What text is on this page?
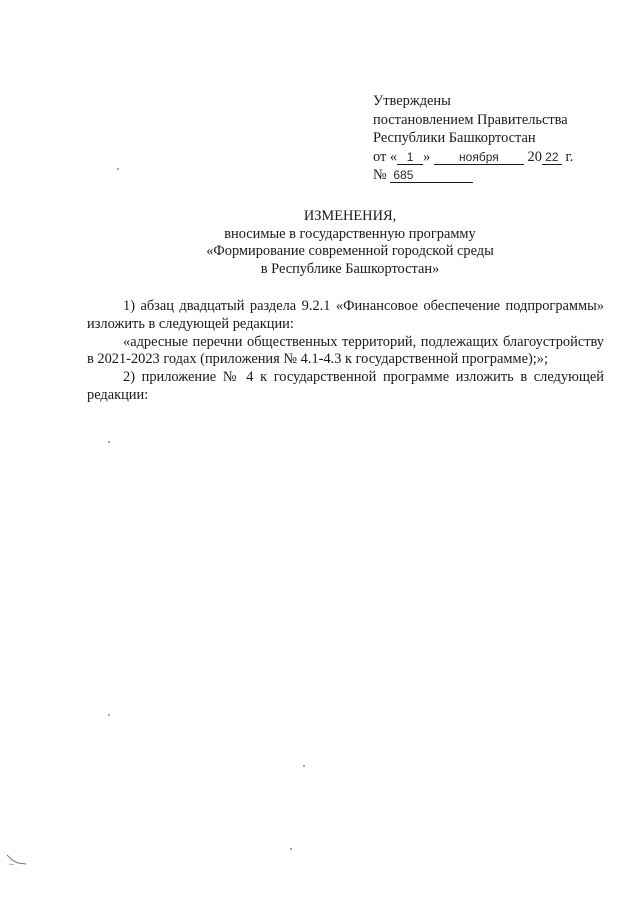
Утверждены
постановлением Правительства
Республики Башкортостан
от « 1 » ноября 20 22 г.
№ 685
ИЗМЕНЕНИЯ,
вносимые в государственную программу
«Формирование современной городской среды
в Республике Башкортостан»

1) абзац двадцатый раздела 9.2.1 «Финансовое обеспечение подпрограммы» изложить в следующей редакции:

«адресные перечни общественных территорий, подлежащих благоустройству в 2021-2023 годах (приложения № 4.1-4.3 к государственной программе);»;

2) приложение № 4 к государственной программе изложить в следующей редакции:
